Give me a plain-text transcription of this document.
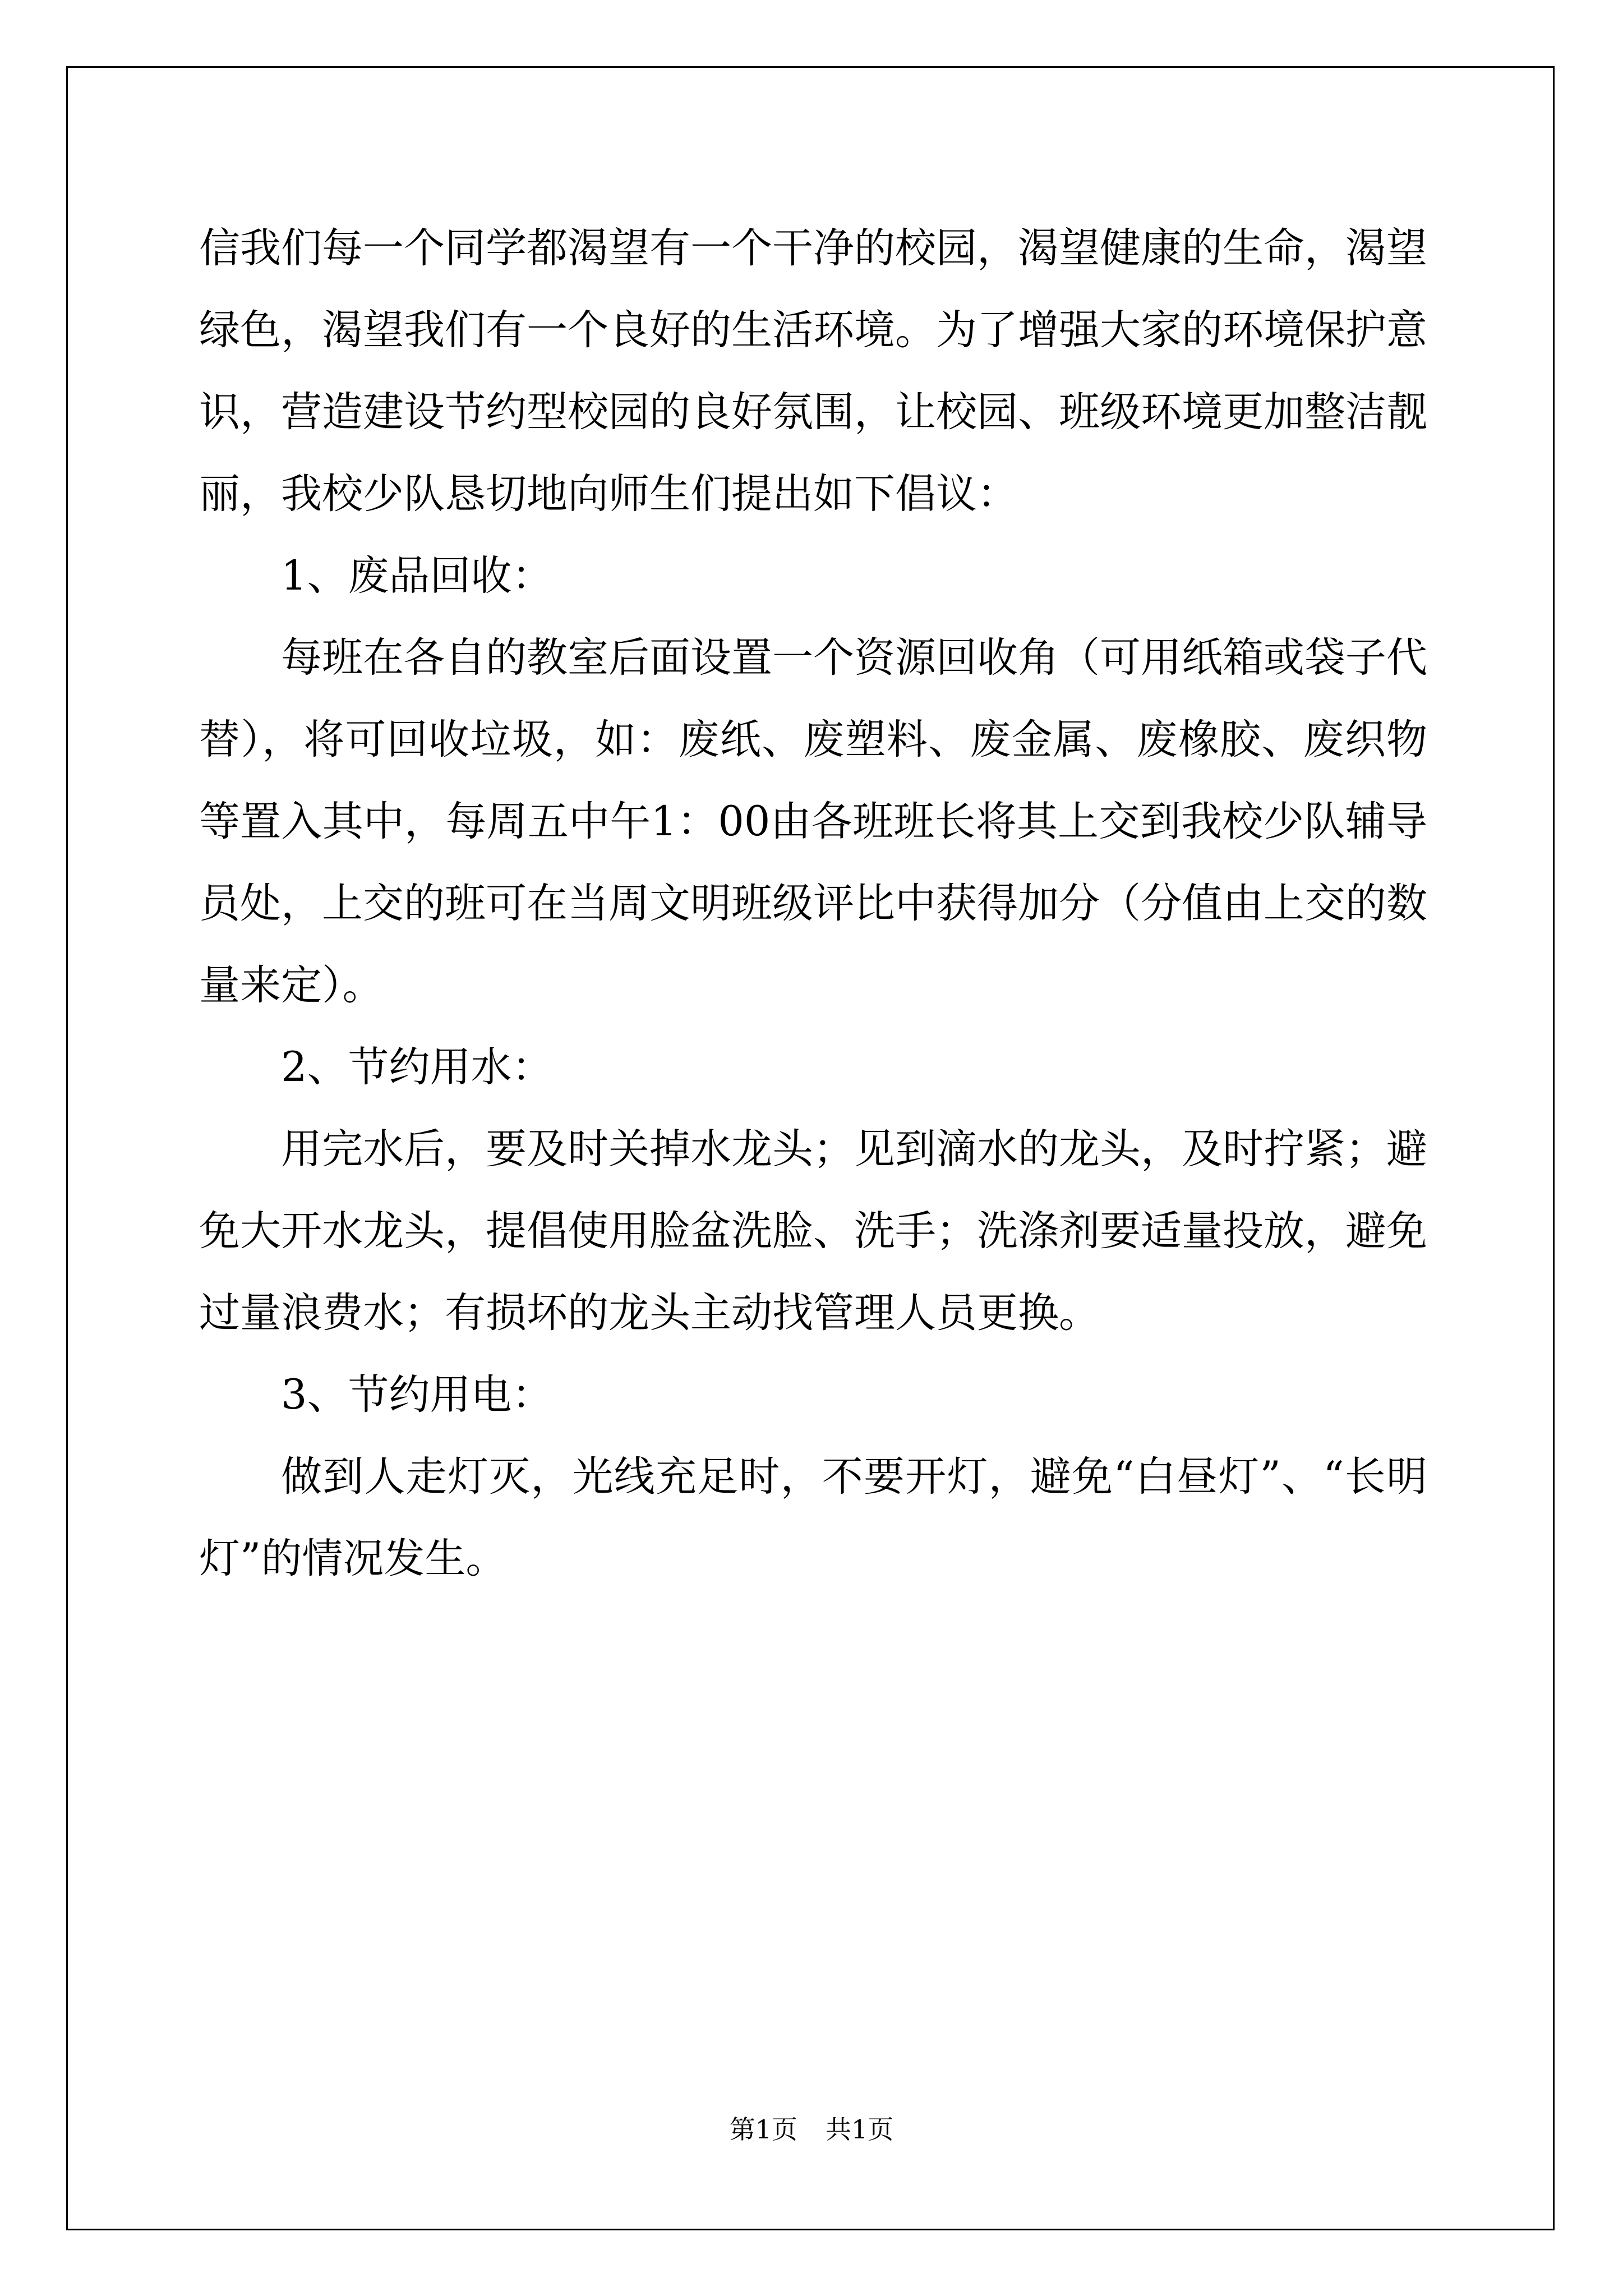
信我们每一个同学都渴望有一个干净的校园，渴望健康的生命，渴望绿色，渴望我们有一个良好的生活环境。为了增强大家的环境保护意识，营造建设节约型校园的良好氛围，让校园、班级环境更加整洁靓丽，我校少队恳切地向师生们提出如下倡议：

1、废品回收：

每班在各自的教室后面设置一个资源回收角（可用纸箱或袋子代替），将可回收垃圾，如：废纸、废塑料、废金属、废橡胶、废织物等置入其中，每周五中午1：00由各班班长将其上交到我校少队辅导员处，上交的班可在当周文明班级评比中获得加分（分值由上交的数量来定）。

2、节约用水：

用完水后，要及时关掉水龙头；见到滴水的龙头，及时拧紧；避免大开水龙头，提倡使用脸盆洗脸、洗手；洗涤剂要适量投放，避免过量浪费水；有损坏的龙头主动找管理人员更换。

3、节约用电：

做到人走灯灭，光线充足时，不要开灯，避免“白昼灯”、“长明灯”的情况发生。

第1页 共1页
